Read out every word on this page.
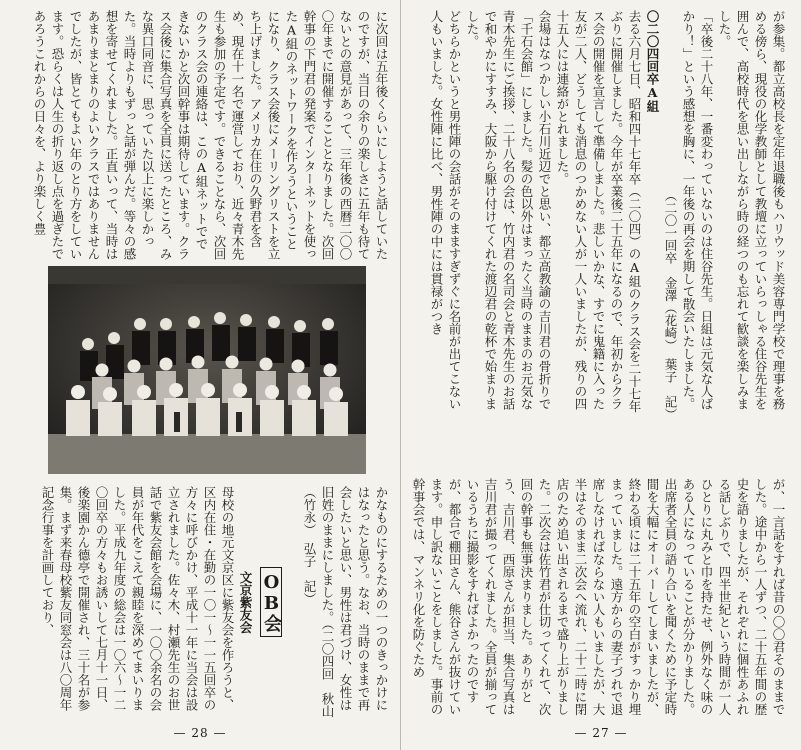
に次回は五年後くらいにしようと話していたのですが、当日の余りの楽しさに五年も待てないとの意見があって、三年後の西暦二〇〇〇年までに開催することとなりました。次回幹事の下門君の発案でインターネットを使ったA組のネットワークを作ろうということになり、クラス会後にメーリングリストを立ち上げました。アメリカ在住の久野君を含め、現在十一名で運営しており、近々青木先生も参加の予定です。できることなら、次回のクラス会の連絡は、このA組ネットでできないかと次回幹事は期待しています。クラス会後に集合写真を全員に送ったところ、みな異口同音に、思っていた以上に楽しかった。当時よりもずっと話が弾んだ。等々の感想を寄せてくれました。正直いって、当時はあまりまとまりのよいクラスではありませんでしたが、皆とてもよい年のとり方をしています。恐らくは人生の折り返し点を過ぎたであろうこれからの日々を、より楽しく豊

かなものにするための一つのきっかけにはなったと思う。なお、当時のままで再会したいと思い、男性は君づけ、女性は旧姓のままにしました。（二〇四回　秋山（竹永）　弘子　記）

OB会

文京紫友会

母校の地元文京区に紫友会を作ろうと、区内在住・在勤の一〇一〜一一五回卒の方々に呼びかけ、平成十一年に当会は設立されました。佐々木、村瀬先生のお世話で紫友会館を会場に、一〇〇余名の会員が年代をこえて親睦を深めてまいりました。平成九年度の総会は一〇六〜一二〇回卒の方々もお誘いして七月十一日、後楽園かん德亭で開催され、三十名が参集。まず来春母校紫友同窓会は八〇周年記念行事を計画しており、

— 28 —

が参集。都立高校長を定年退職後もハリウッド美容専門学校で理事を務める傍ら、現役の化学教師として教壇に立っていらっしゃる住谷先生を囲んで、高校時代を思い出しながら時の経つのも忘れて歓談を楽しみました。

「卒後二十八年、一番変わっていないのは住谷先生。日組は元気な人ばかり！」という感想を胸に、一年後の再会を期して散会いたしました。

（二〇一回卒　金澤（花崎）　葉子　記）

〇二〇四回卒A組

去る六月七日、昭和四十七年卒（二〇四）のA組のクラス会を二十七年ぶりに開催しました。今年が卒業後二十五年になるので、年初からクラス会の開催を宣言して準備しました。悲しいかな、すでに鬼籍に入った友が二人、どうしても消息のつかめない人が一人いましたが、残りの四十五人には連絡がとれました。

会場はなつかしい小石川近辺でと思い、都立高教諭の吉川君の骨折りで「千石会館」にしました。髪の色以外はまったく当時のままのお元気な青木先生にご挨拶、二十八名の会は、竹内君の名司会と青木先生のお話で和やかにすすみ、大阪から駆け付けてくれた渡辺君の乾杯で始まりました。

どちらかというと男性陣の会話がそのまますぎずぐに名前が出てこない人もいました。女性陣に比べ、男性陣の中には貫禄がつき

が、一言話をすれば昔の〇〇君そのままでした。途中から一人ずつ、二十五年間の歴史を語りましたが、それぞれに個性あふれる話しぶりで、四半世紀という時間が一人ひとりに丸みと巾を持たせ、例外なく味のある人になっていることが分かりました。出席者全員の語り合いを聞くために予定時間を大幅にオーバーしてしまいましたが、終わる頃には二十五年の空白がすっかり埋まっていました。遠方からの妻子づれで退席しなければならない人もいましたが、大半はそのまま二次会へ流れ、二十二時に閉店のため追い出されるまで盛り上がりました。二次会は佐竹君が仕切ってくれて、次回の幹事も無事決まりました。ありがとう、吉川君、西原さんが担当、集合写真は吉川君が撮ってくれました。全員が揃っているうちに撮影をすればよかったのですが、都合で棚田さん、熊谷さんが抜けています。申し訳ないことをしました。事前の幹事会では、マンネリ化を防ぐため

— 27 —
